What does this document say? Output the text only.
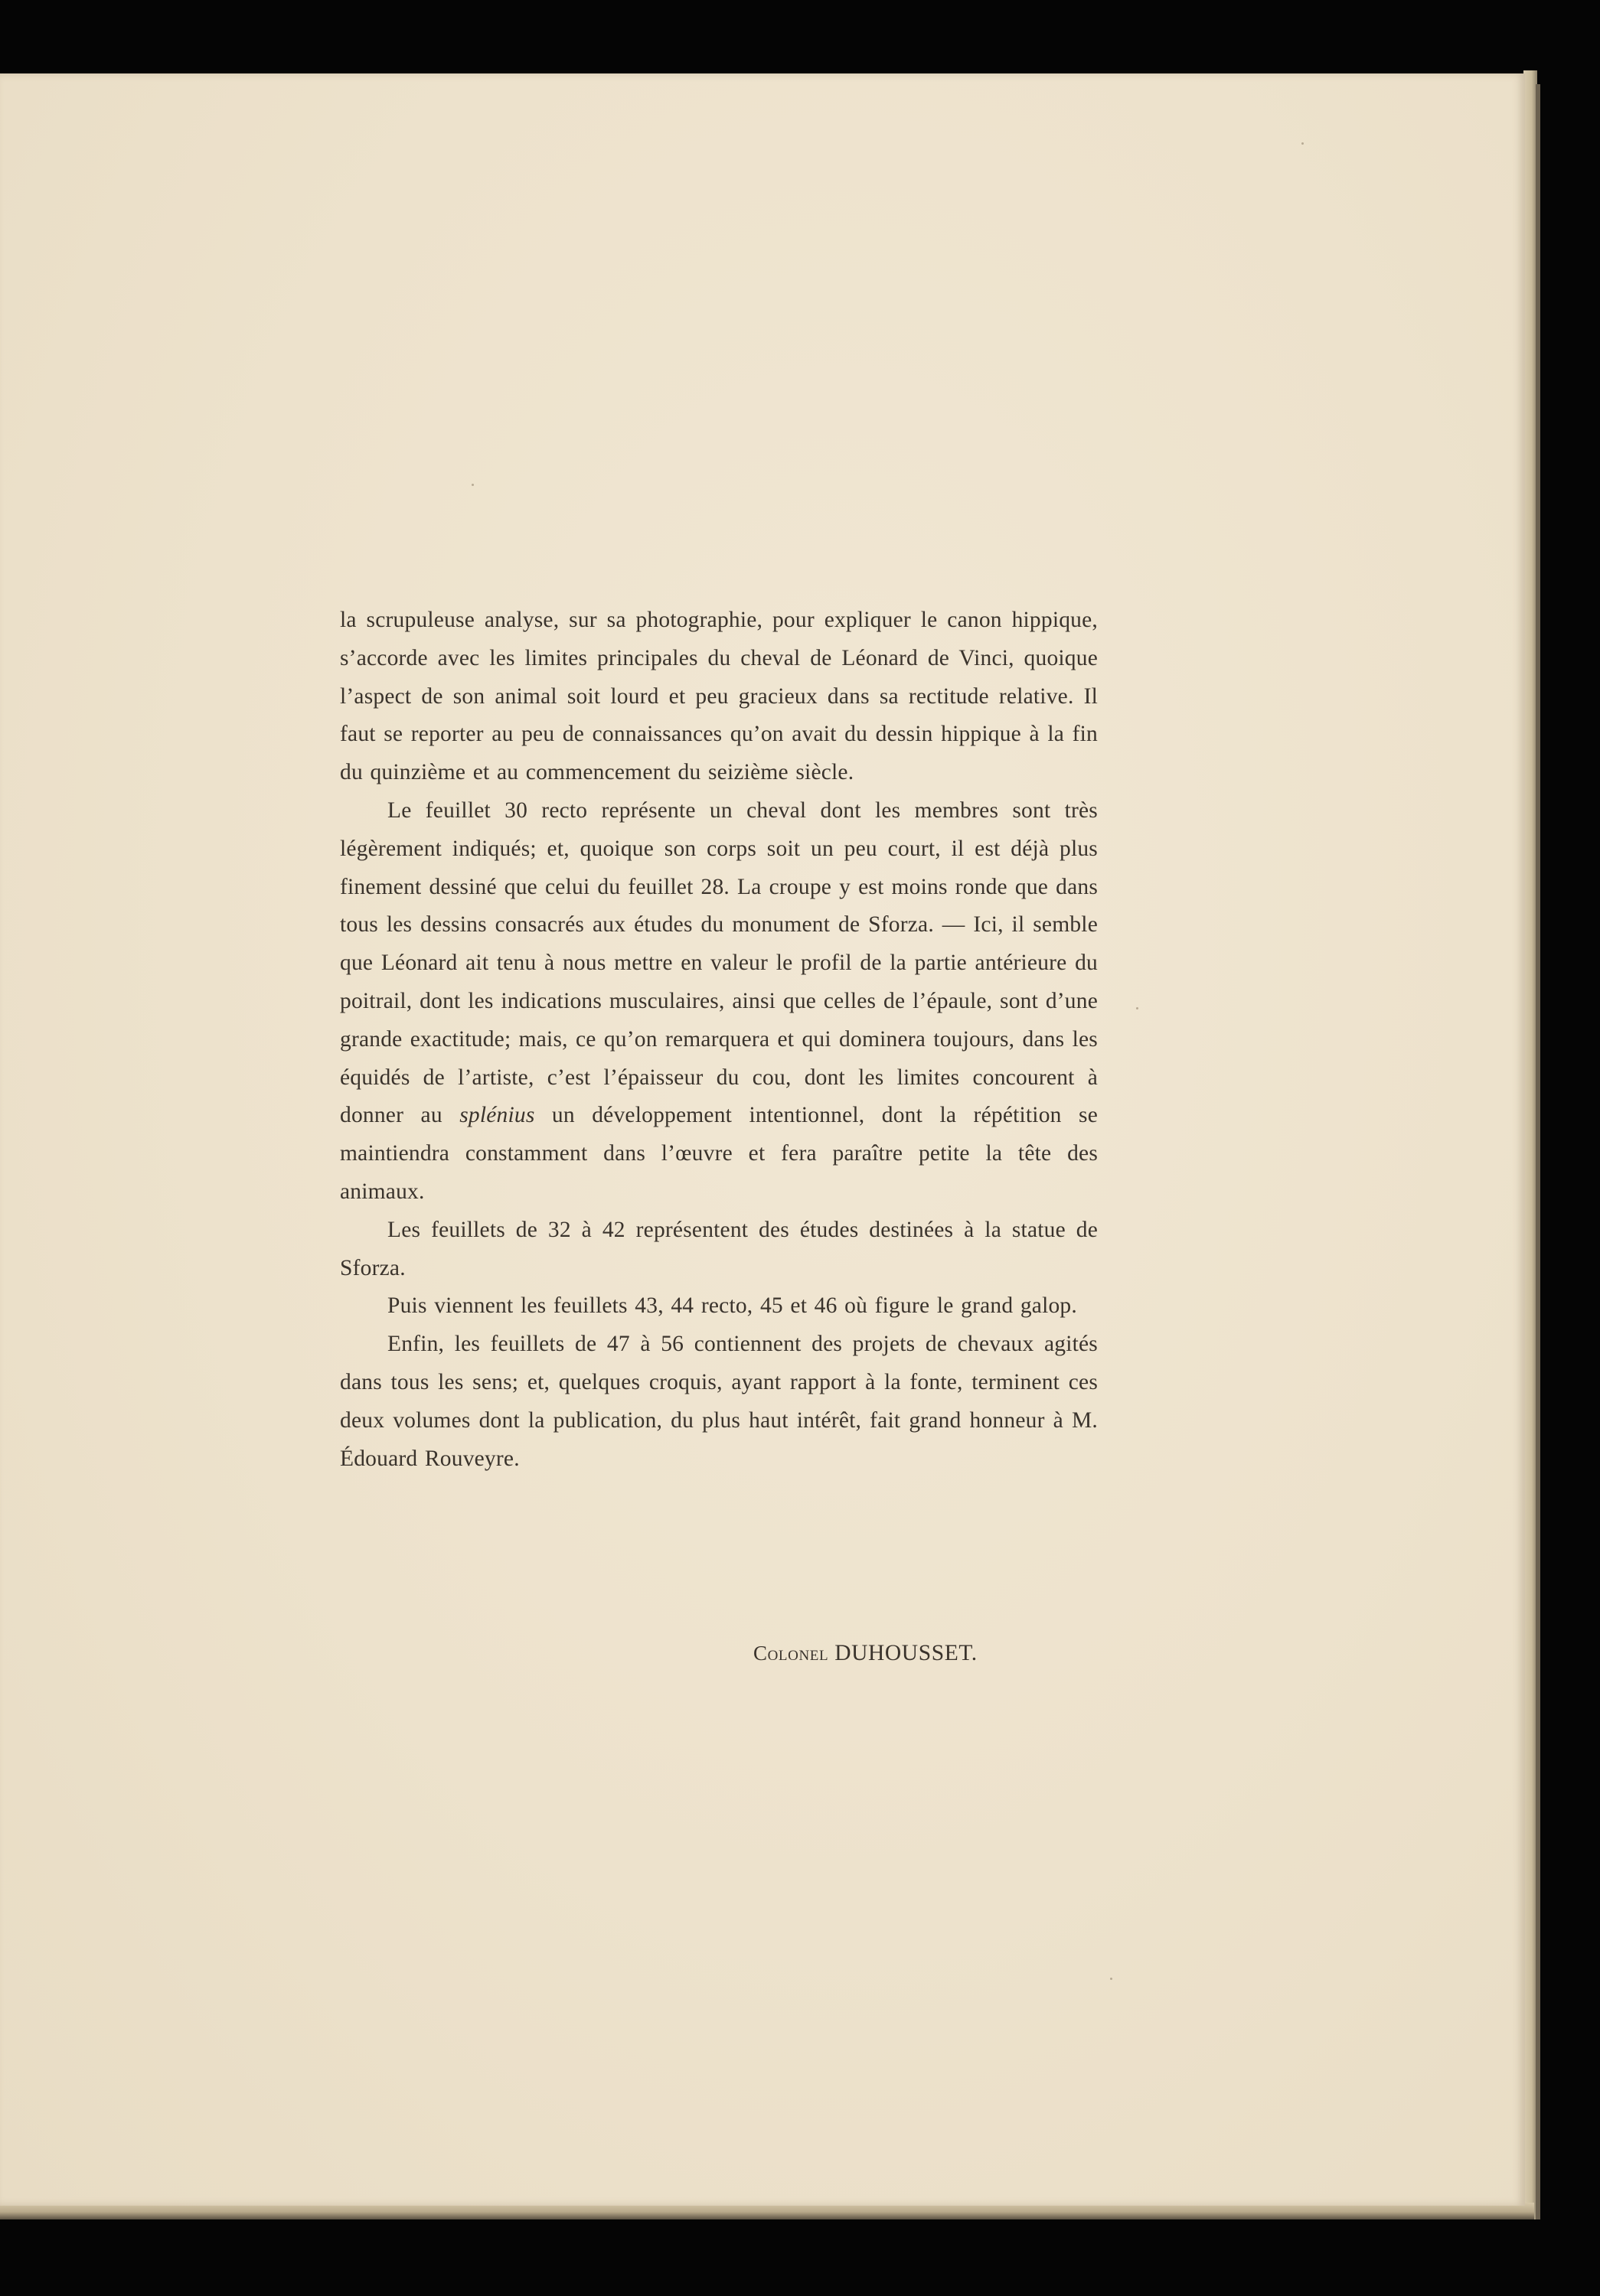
la scrupuleuse analyse, sur sa photographie, pour expliquer le canon hippique, s’accorde avec les limites principales du cheval de Léonard de Vinci, quoique l’aspect de son animal soit lourd et peu gracieux dans sa rectitude relative. Il faut se reporter au peu de connaissances qu’on avait du dessin hippique à la fin du quinzième et au commencement du seizième siècle.

Le feuillet 30 recto représente un cheval dont les membres sont très légèrement indiqués; et, quoique son corps soit un peu court, il est déjà plus finement dessiné que celui du feuillet 28. La croupe y est moins ronde que dans tous les dessins consacrés aux études du monument de Sforza. — Ici, il semble que Léonard ait tenu à nous mettre en valeur le profil de la partie antérieure du poitrail, dont les indications musculaires, ainsi que celles de l’épaule, sont d’une grande exactitude; mais, ce qu’on remarquera et qui dominera toujours, dans les équidés de l’artiste, c’est l’épaisseur du cou, dont les limites concourent à donner au splénius un développement intentionnel, dont la répétition se maintiendra constamment dans l’œuvre et fera paraître petite la tête des animaux.

Les feuillets de 32 à 42 représentent des études destinées à la statue de Sforza.

Puis viennent les feuillets 43, 44 recto, 45 et 46 où figure le grand galop.

Enfin, les feuillets de 47 à 56 contiennent des projets de chevaux agités dans tous les sens; et, quelques croquis, ayant rapport à la fonte, terminent ces deux volumes dont la publication, du plus haut intérêt, fait grand honneur à M. Édouard Rouveyre.

Colonel DUHOUSSET.
